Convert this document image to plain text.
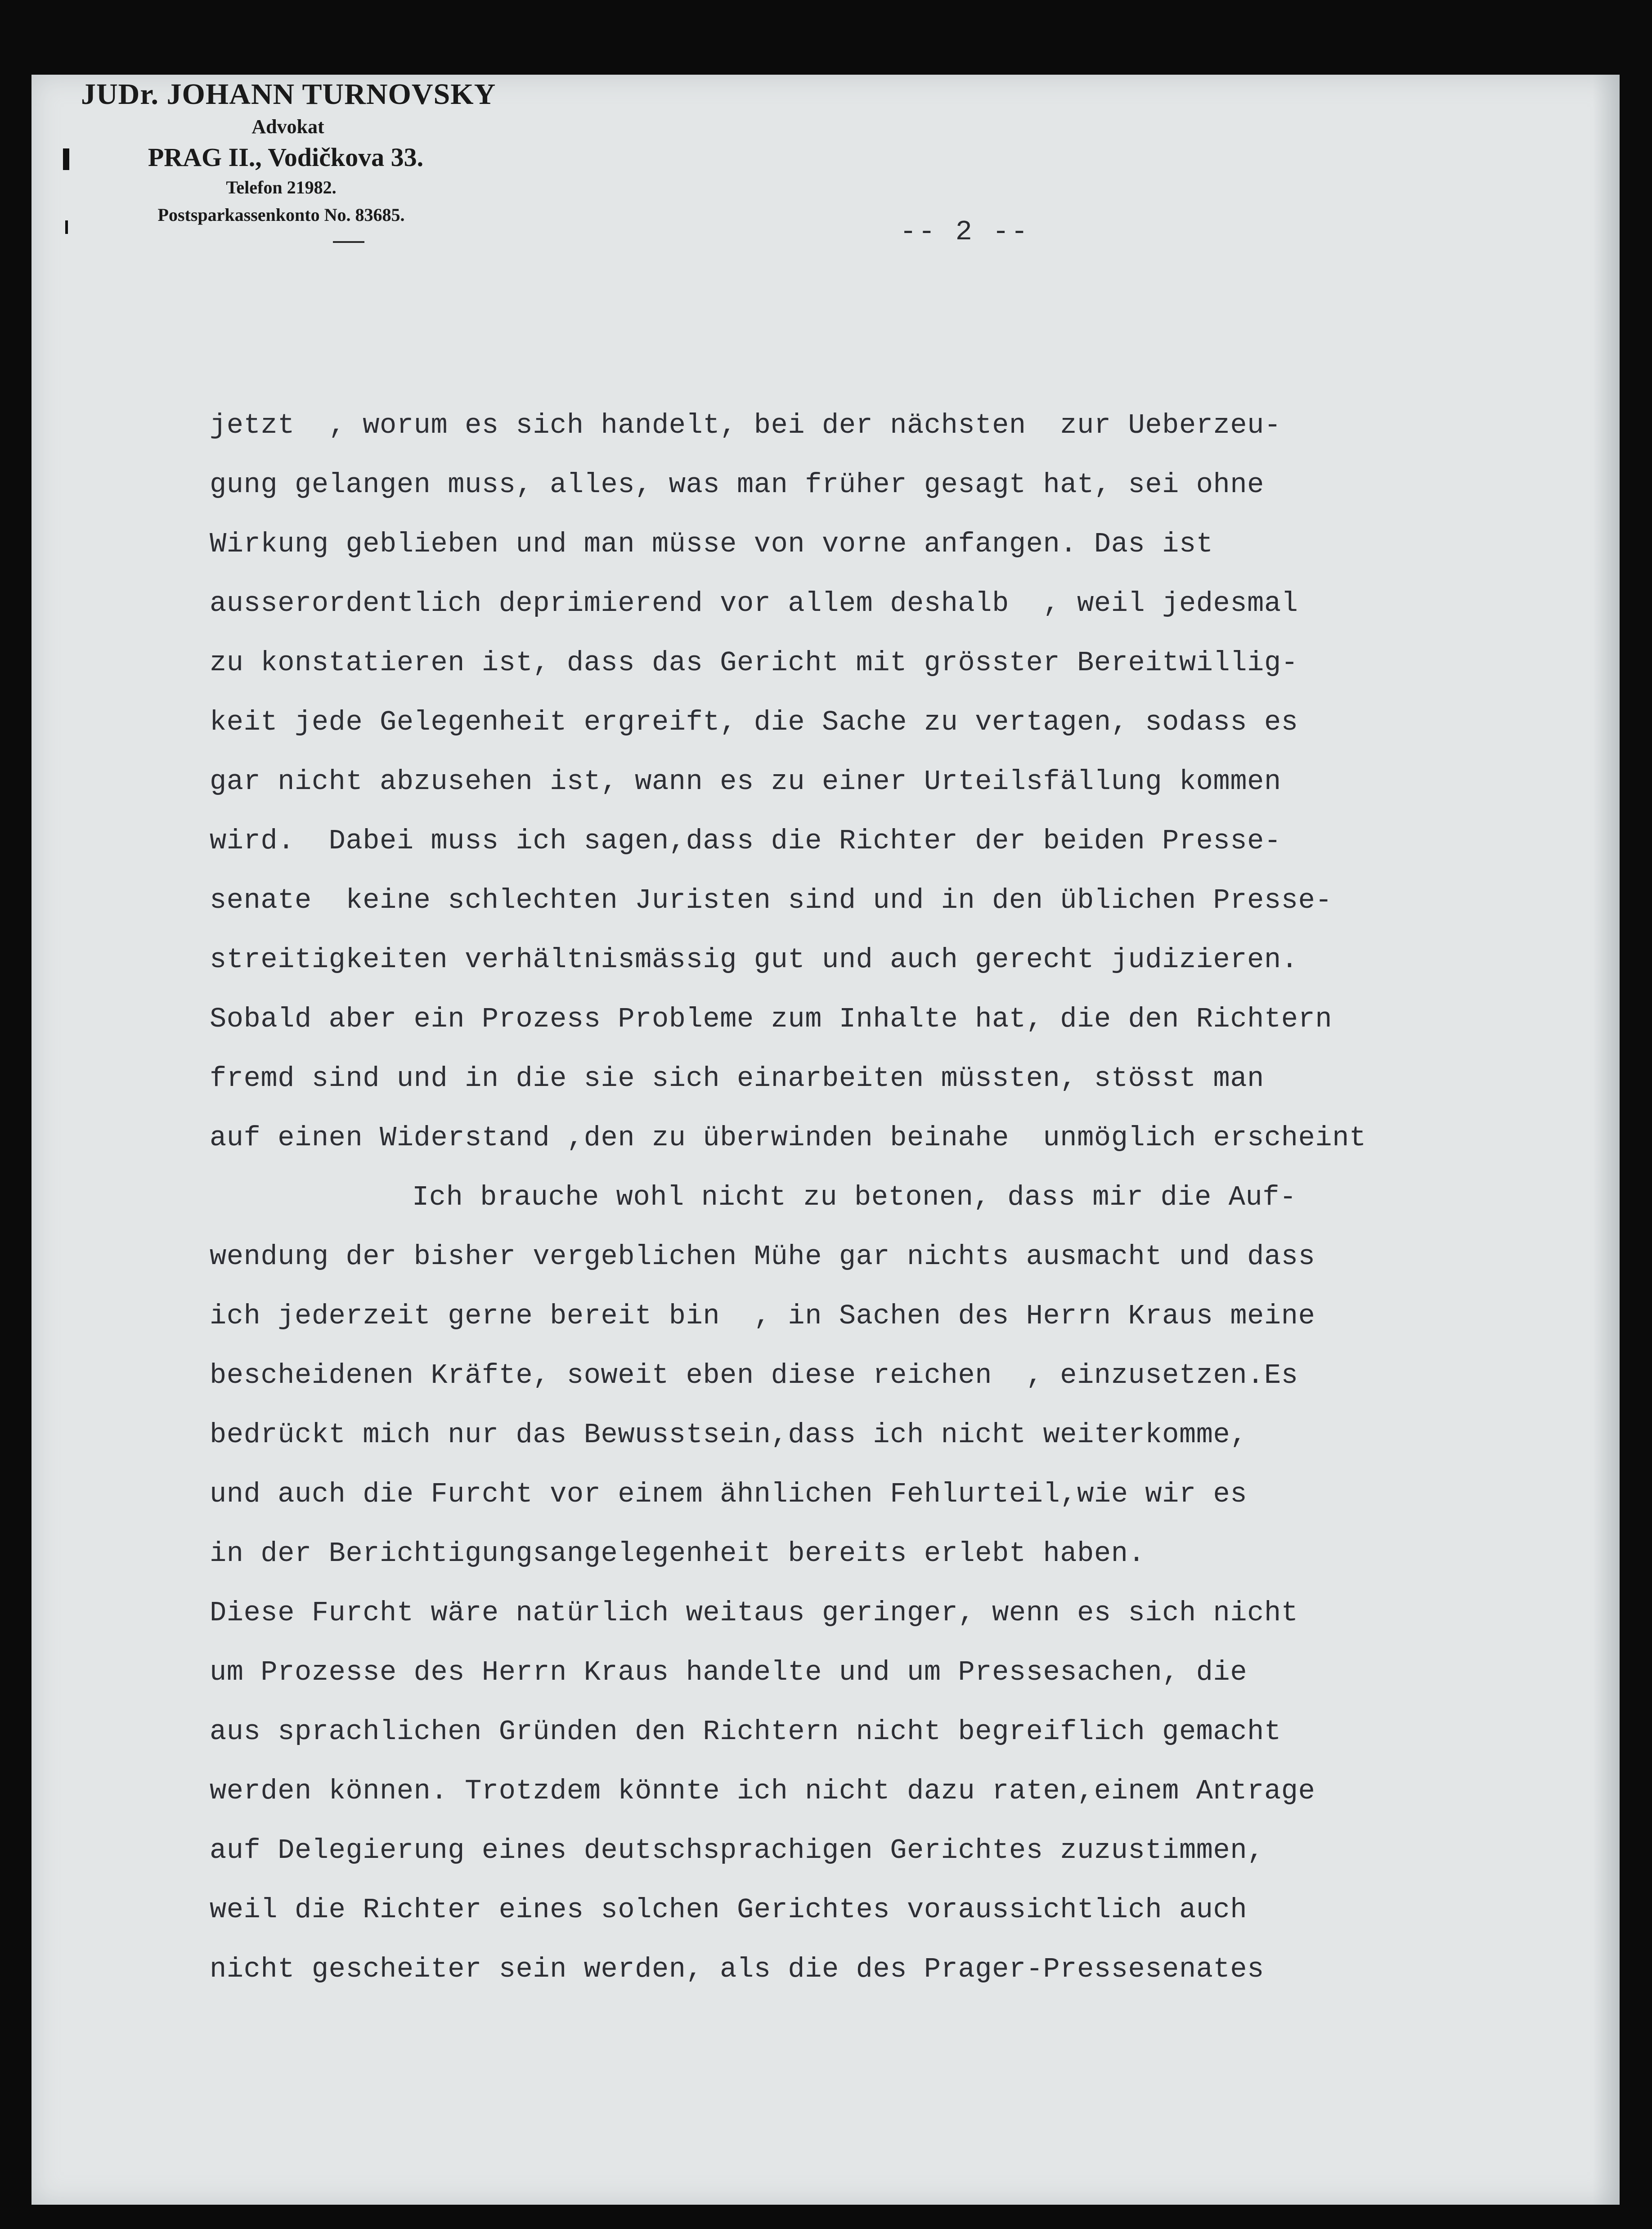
JUDr. JOHANN TURNOVSKY
Advokat
PRAG II., Vodičkova 33.
Telefon 21982.
Postsparkassenkonto No. 83685.
-- 2 --
jetzt  , worum es sich handelt, bei der nächsten  zur Ueberzeu-
gung gelangen muss, alles, was man früher gesagt hat, sei ohne
Wirkung geblieben und man müsse von vorne anfangen. Das ist
ausserordentlich deprimierend vor allem deshalb  , weil jedesmal
zu konstatieren ist, dass das Gericht mit grösster Bereitwillig-
keit jede Gelegenheit ergreift, die Sache zu vertagen, sodass es
gar nicht abzusehen ist, wann es zu einer Urteilsfällung kommen
wird.  Dabei muss ich sagen,dass die Richter der beiden Presse-
senate  keine schlechten Juristen sind und in den üblichen Presse-
streitigkeiten verhältnismässig gut und auch gerecht judizieren.
Sobald aber ein Prozess Probleme zum Inhalte hat, die den Richtern
fremd sind und in die sie sich einarbeiten müssten, stösst man
auf einen Widerstand ,den zu überwinden beinahe  unmöglich erscheint
Ich brauche wohl nicht zu betonen, dass mir die Auf-
wendung der bisher vergeblichen Mühe gar nichts ausmacht und dass
ich jederzeit gerne bereit bin  , in Sachen des Herrn Kraus meine
bescheidenen Kräfte, soweit eben diese reichen  , einzusetzen.Es
bedrückt mich nur das Bewusstsein,dass ich nicht weiterkomme,
und auch die Furcht vor einem ähnlichen Fehlurteil,wie wir es
in der Berichtigungsangelegenheit bereits erlebt haben.
Diese Furcht wäre natürlich weitaus geringer, wenn es sich nicht
um Prozesse des Herrn Kraus handelte und um Pressesachen, die
aus sprachlichen Gründen den Richtern nicht begreiflich gemacht
werden können. Trotzdem könnte ich nicht dazu raten,einem Antrage
auf Delegierung eines deutschsprachigen Gerichtes zuzustimmen,
weil die Richter eines solchen Gerichtes voraussichtlich auch
nicht gescheiter sein werden, als die des Prager-Pressesenates
